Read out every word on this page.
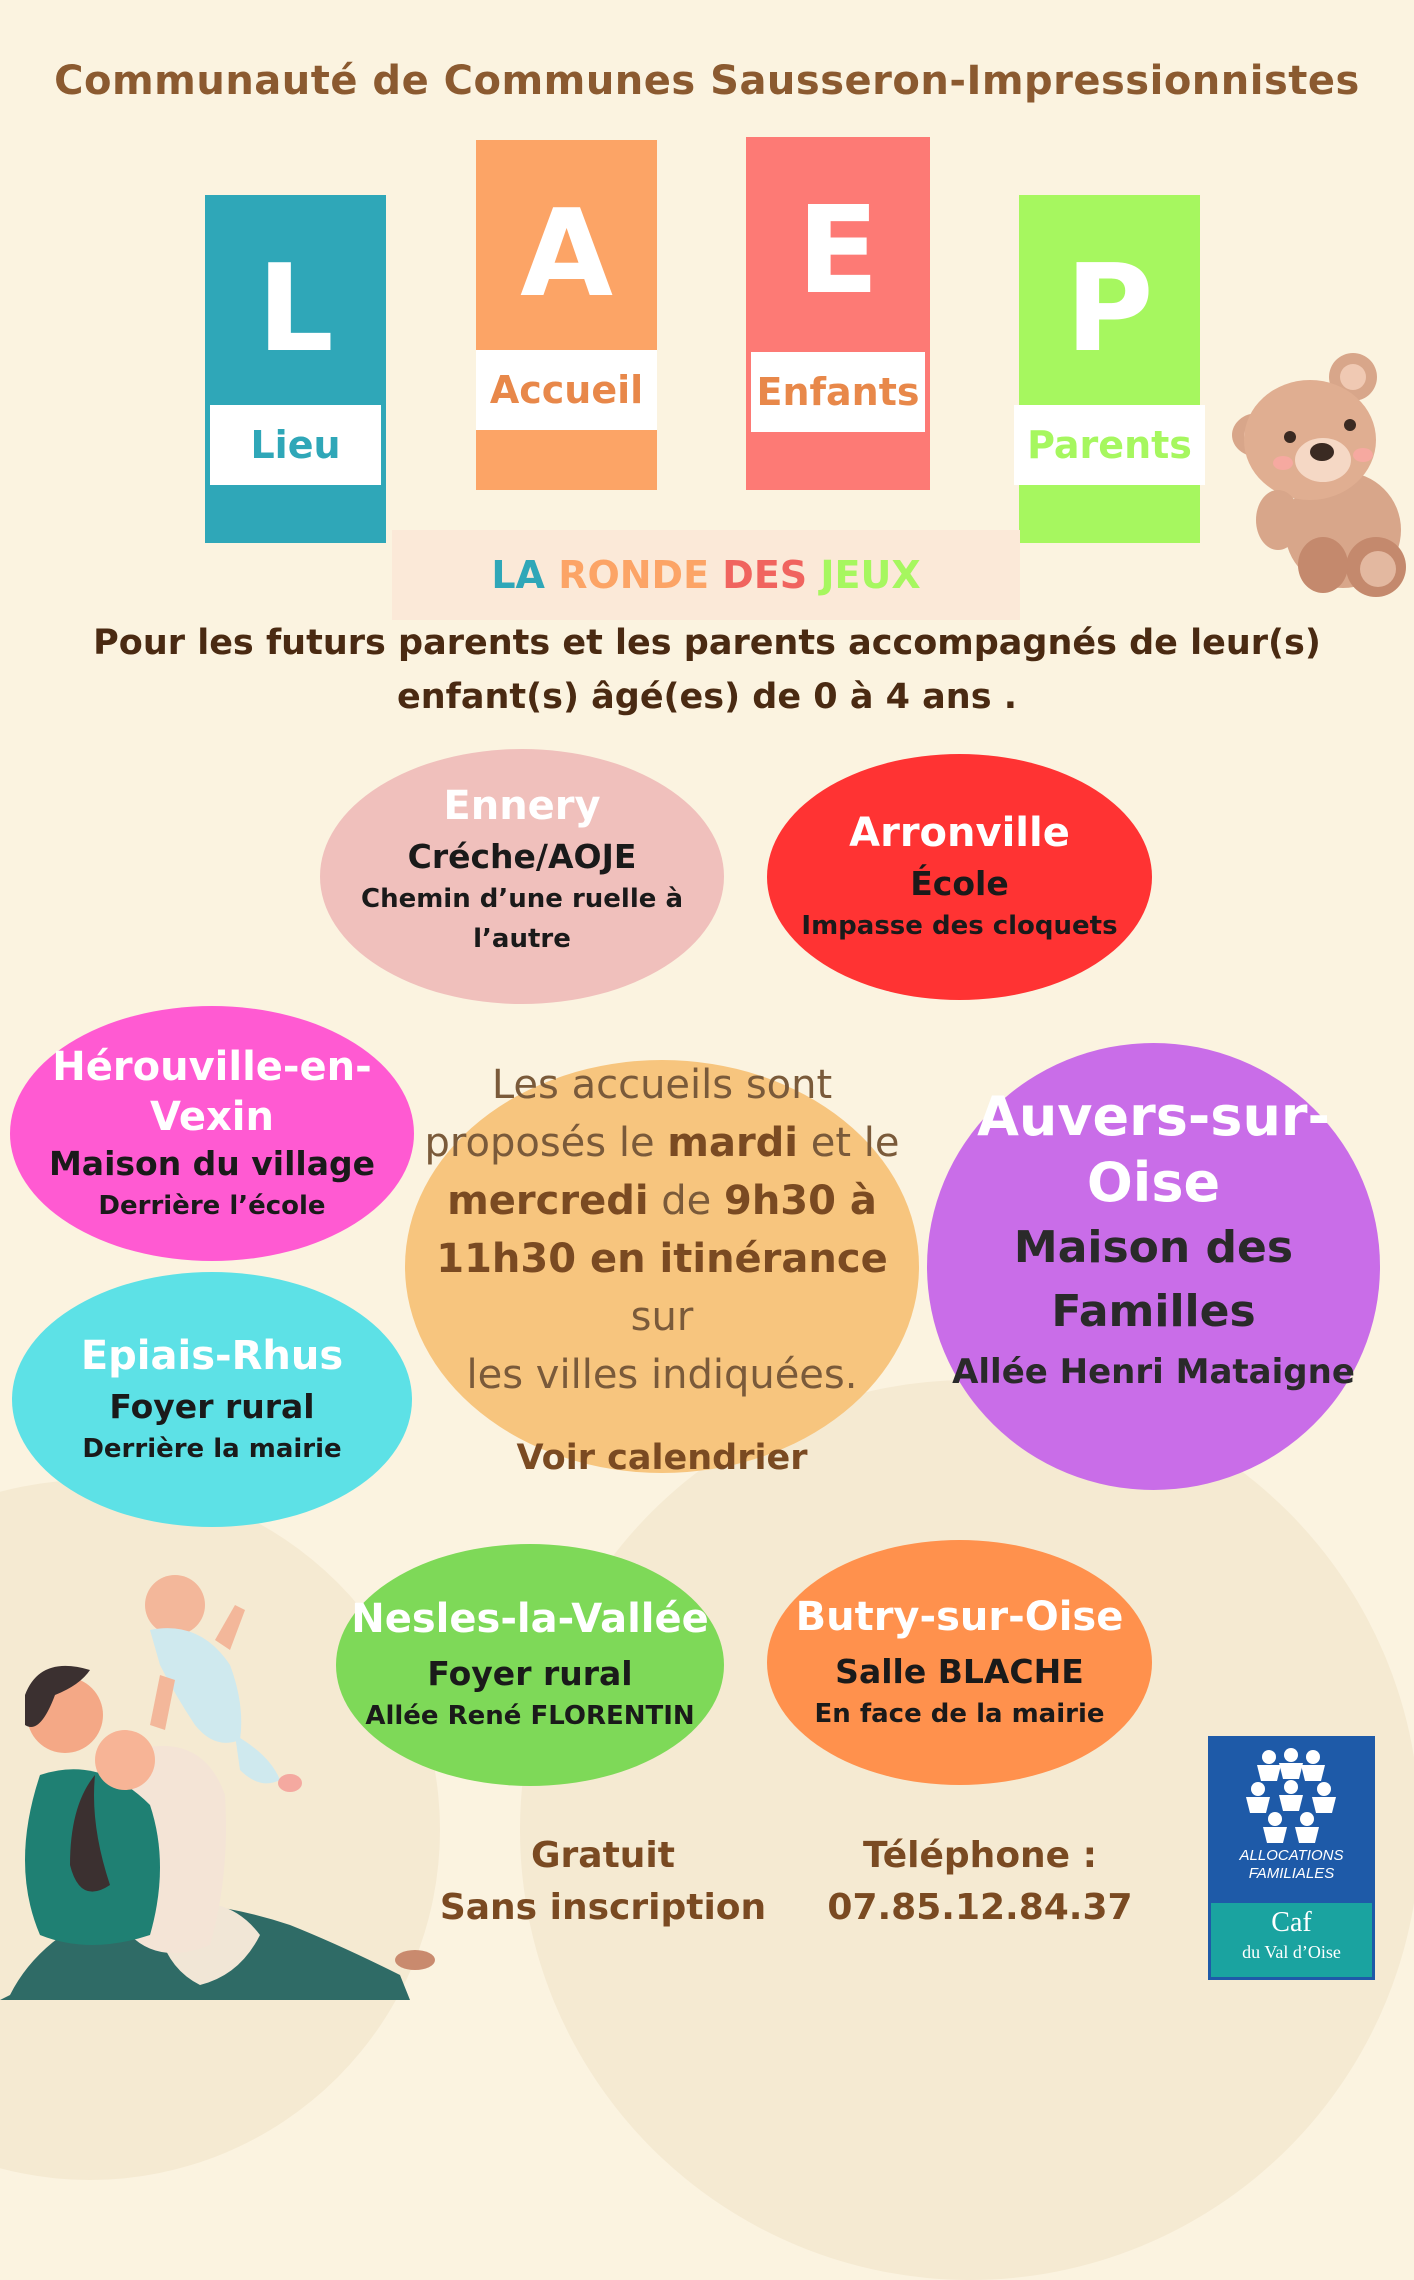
Communauté de Communes Sausseron-Impressionnistes
L
Lieu
A
Accueil
E
Enfants
P
Parents
LA RONDE DES JEUX
Pour les futurs parents et les parents accompagnés de leur(s)
enfant(s) âgé(es) de 0 à 4 ans .
Ennery
Créche/AOJE
Chemin d’une ruelle à
l’autre
Arronville
École
Impasse des cloquets
Hérouville-en-
Vexin
Maison du village
Derrière l’école
Epiais-Rhus
Foyer rural
Derrière la mairie
Les accueils sont
proposés le mardi et le
mercredi de 9h30 à
11h30 en itinérance sur
les villes indiquées.
Voir calendrier
Auvers-sur-Oise
Maison des
Familles
Allée Henri Mataigne
Nesles-la-Vallée
Foyer rural
Allée René FLORENTIN
Butry-sur-Oise
Salle BLACHE
En face de la mairie
Gratuit
Sans inscription
Téléphone :
07.85.12.84.37
ALLOCATIONS
FAMILIALES
Caf
du Val d’Oise
